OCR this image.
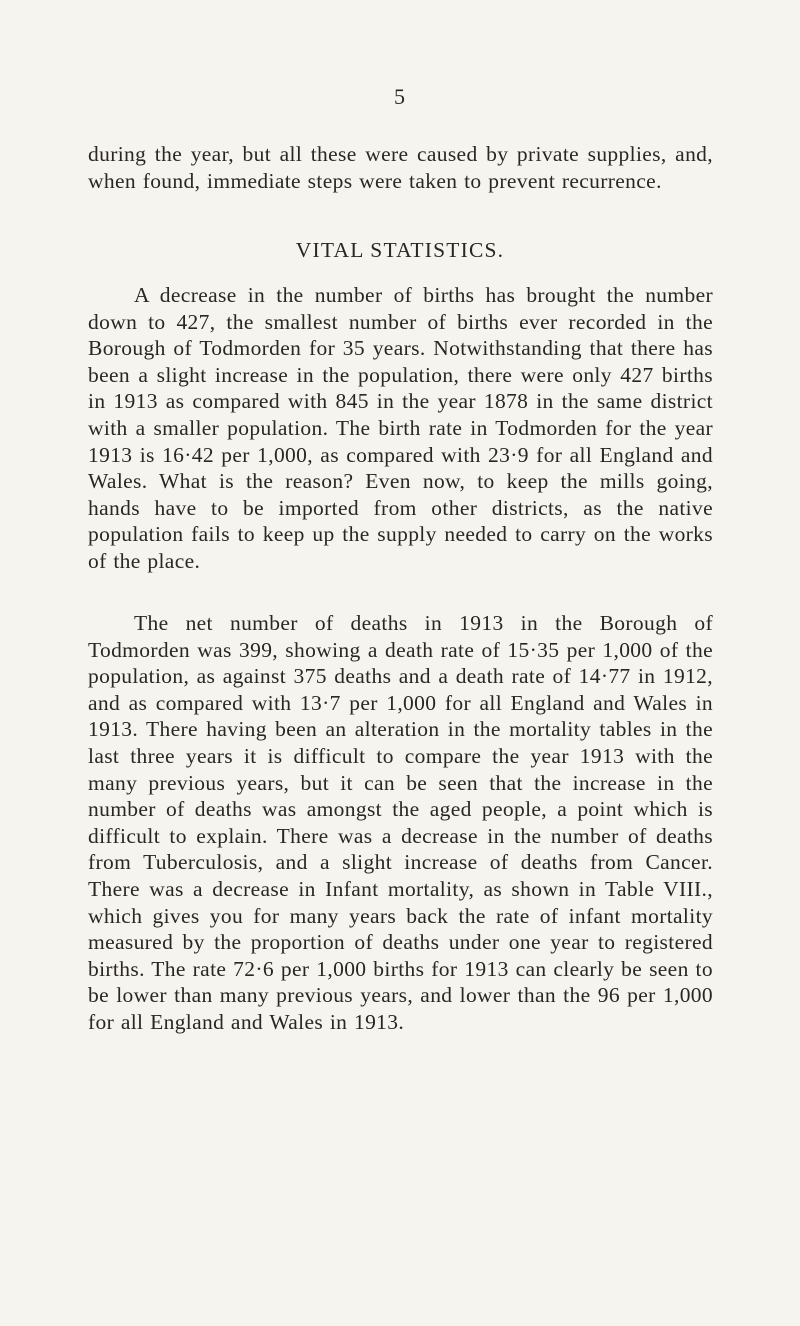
5

during the year, but all these were caused by private supplies, and, when found, immediate steps were taken to prevent recurrence.

VITAL STATISTICS.

A decrease in the number of births has brought the number down to 427, the smallest number of births ever recorded in the Borough of Todmorden for 35 years. Notwithstanding that there has been a slight increase in the population, there were only 427 births in 1913 as compared with 845 in the year 1878 in the same district with a smaller population. The birth rate in Todmorden for the year 1913 is 16·42 per 1,000, as compared with 23·9 for all England and Wales. What is the reason? Even now, to keep the mills going, hands have to be imported from other districts, as the native population fails to keep up the supply needed to carry on the works of the place.

The net number of deaths in 1913 in the Borough of Todmorden was 399, showing a death rate of 15·35 per 1,000 of the population, as against 375 deaths and a death rate of 14·77 in 1912, and as compared with 13·7 per 1,000 for all England and Wales in 1913. There having been an alteration in the mortality tables in the last three years it is difficult to compare the year 1913 with the many previous years, but it can be seen that the increase in the number of deaths was amongst the aged people, a point which is difficult to explain. There was a decrease in the number of deaths from Tuberculosis, and a slight increase of deaths from Cancer. There was a decrease in Infant mortality, as shown in Table VIII., which gives you for many years back the rate of infant mortality measured by the proportion of deaths under one year to registered births. The rate 72·6 per 1,000 births for 1913 can clearly be seen to be lower than many previous years, and lower than the 96 per 1,000 for all England and Wales in 1913.
